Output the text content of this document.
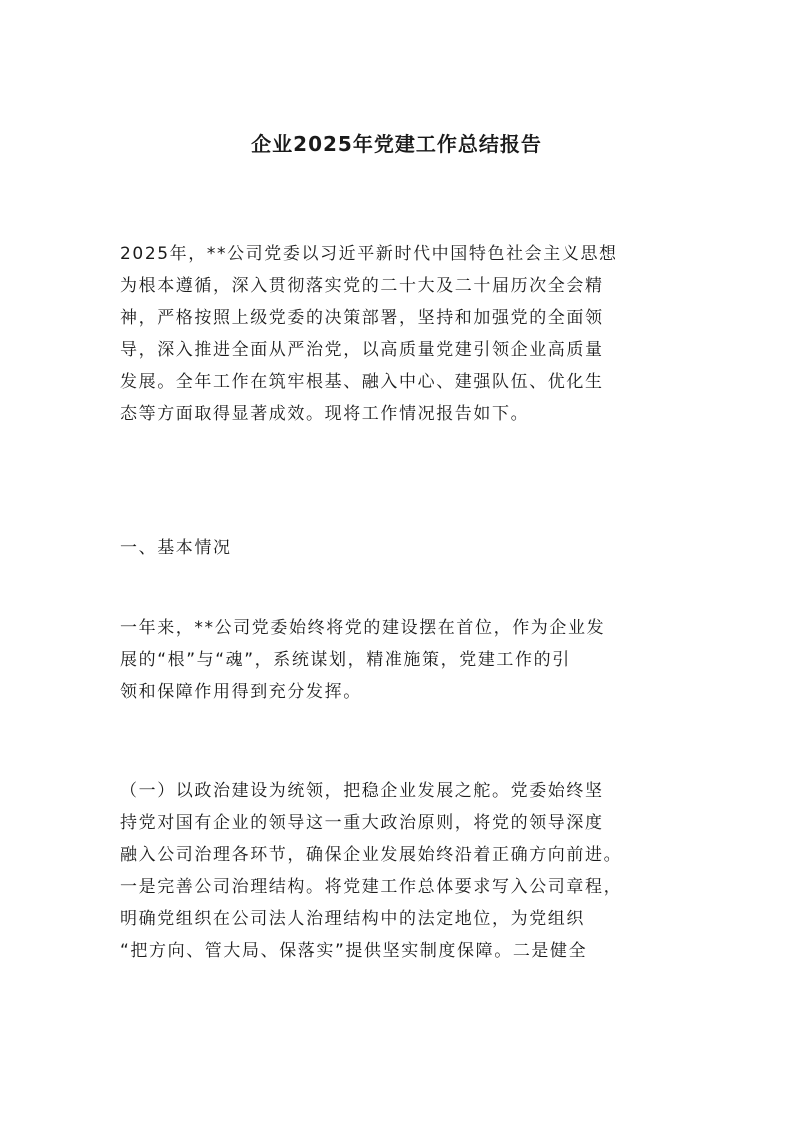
企业2025年党建工作总结报告
2025年，**公司党委以习近平新时代中国特色社会主义思想
为根本遵循，深入贯彻落实党的二十大及二十届历次全会精
神，严格按照上级党委的决策部署，坚持和加强党的全面领
导，深入推进全面从严治党，以高质量党建引领企业高质量
发展。全年工作在筑牢根基、融入中心、建强队伍、优化生
态等方面取得显著成效。现将工作情况报告如下。
一、基本情况
一年来，**公司党委始终将党的建设摆在首位，作为企业发
展的“根”与“魂”，系统谋划，精准施策，党建工作的引
领和保障作用得到充分发挥。
（一）以政治建设为统领，把稳企业发展之舵。党委始终坚
持党对国有企业的领导这一重大政治原则，将党的领导深度
融入公司治理各环节，确保企业发展始终沿着正确方向前进。
一是完善公司治理结构。将党建工作总体要求写入公司章程，
明确党组织在公司法人治理结构中的法定地位，为党组织
“把方向、管大局、保落实”提供坚实制度保障。二是健全
